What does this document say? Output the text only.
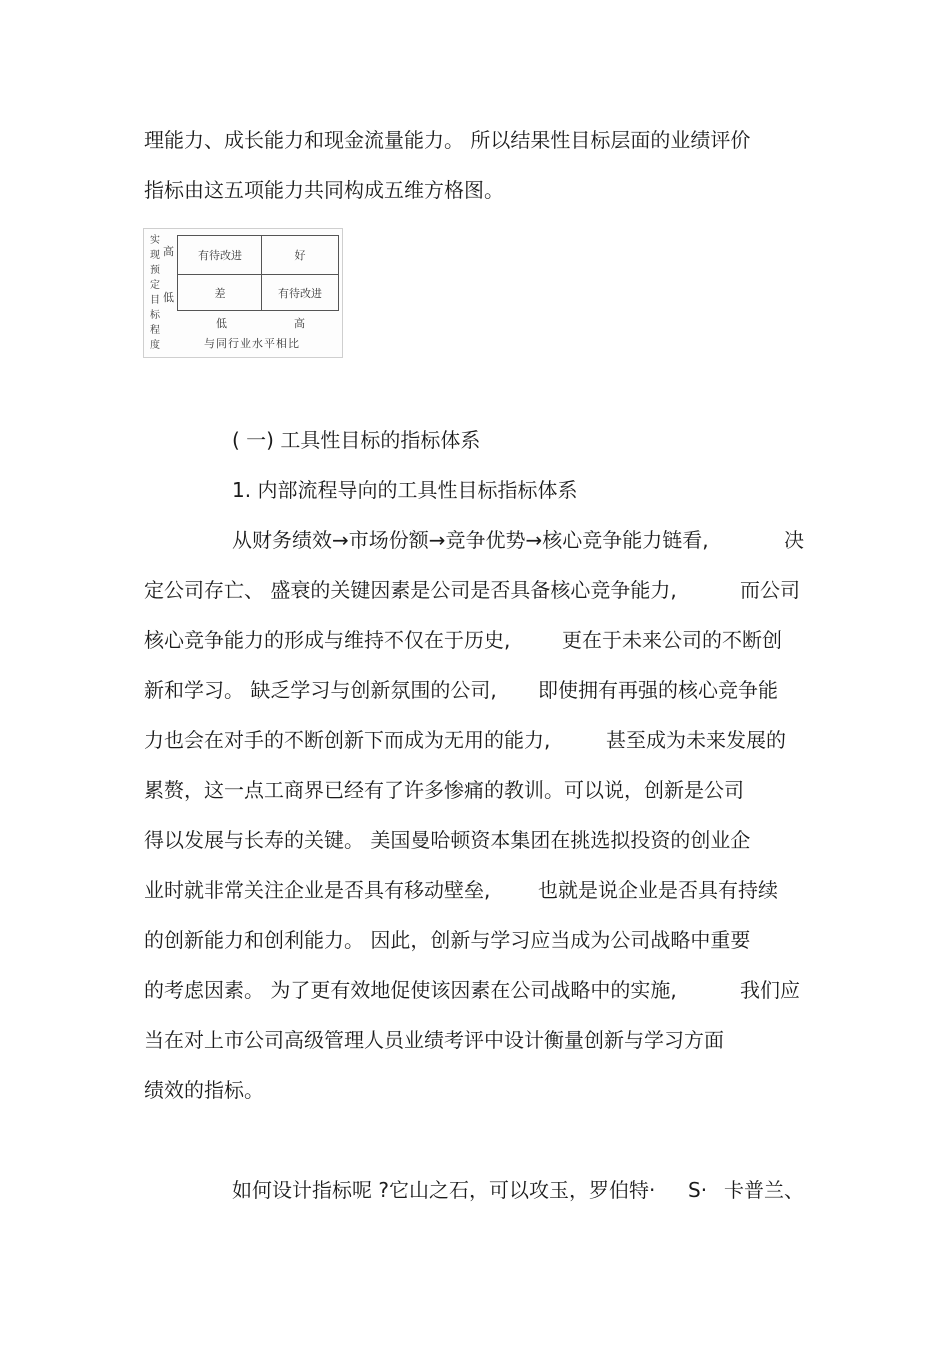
理能力、成长能力和现金流量能力。 所以结果性目标层面的业绩评价
指标由这五项能力共同构成五维方格图。
实现预定目标程度
高
低
有待改进	好
差	有待改进
低	高
与同行业水平相比
( 一) 工具性目标的指标体系
1. 内部流程导向的工具性目标指标体系
从财务绩效→市场份额→竞争优势→核心竞争能力链看,	决
定公司存亡、 盛衰的关键因素是公司是否具备核心竞争能力,	而公司
核心竞争能力的形成与维持不仅在于历史,	更在于未来公司的不断创
新和学习。 缺乏学习与创新氛围的公司, 即使拥有再强的核心竞争能
力也会在对手的不断创新下而成为无用的能力,	甚至成为未来发展的
累赘，这一点工商界已经有了许多惨痛的教训。可以说，创新是公司
得以发展与长寿的关键。 美国曼哈顿资本集团在挑选拟投资的创业企
业时就非常关注企业是否具有移动壁垒, 也就是说企业是否具有持续
的创新能力和创利能力。 因此，创新与学习应当成为公司战略中重要
的考虑因素。 为了更有效地促使该因素在公司战略中的实施,	我们应
当在对上市公司高级管理人员业绩考评中设计衡量创新与学习方面
绩效的指标。
如何设计指标呢 ?它山之石，可以攻玉，罗伯特· S· 卡普兰、
